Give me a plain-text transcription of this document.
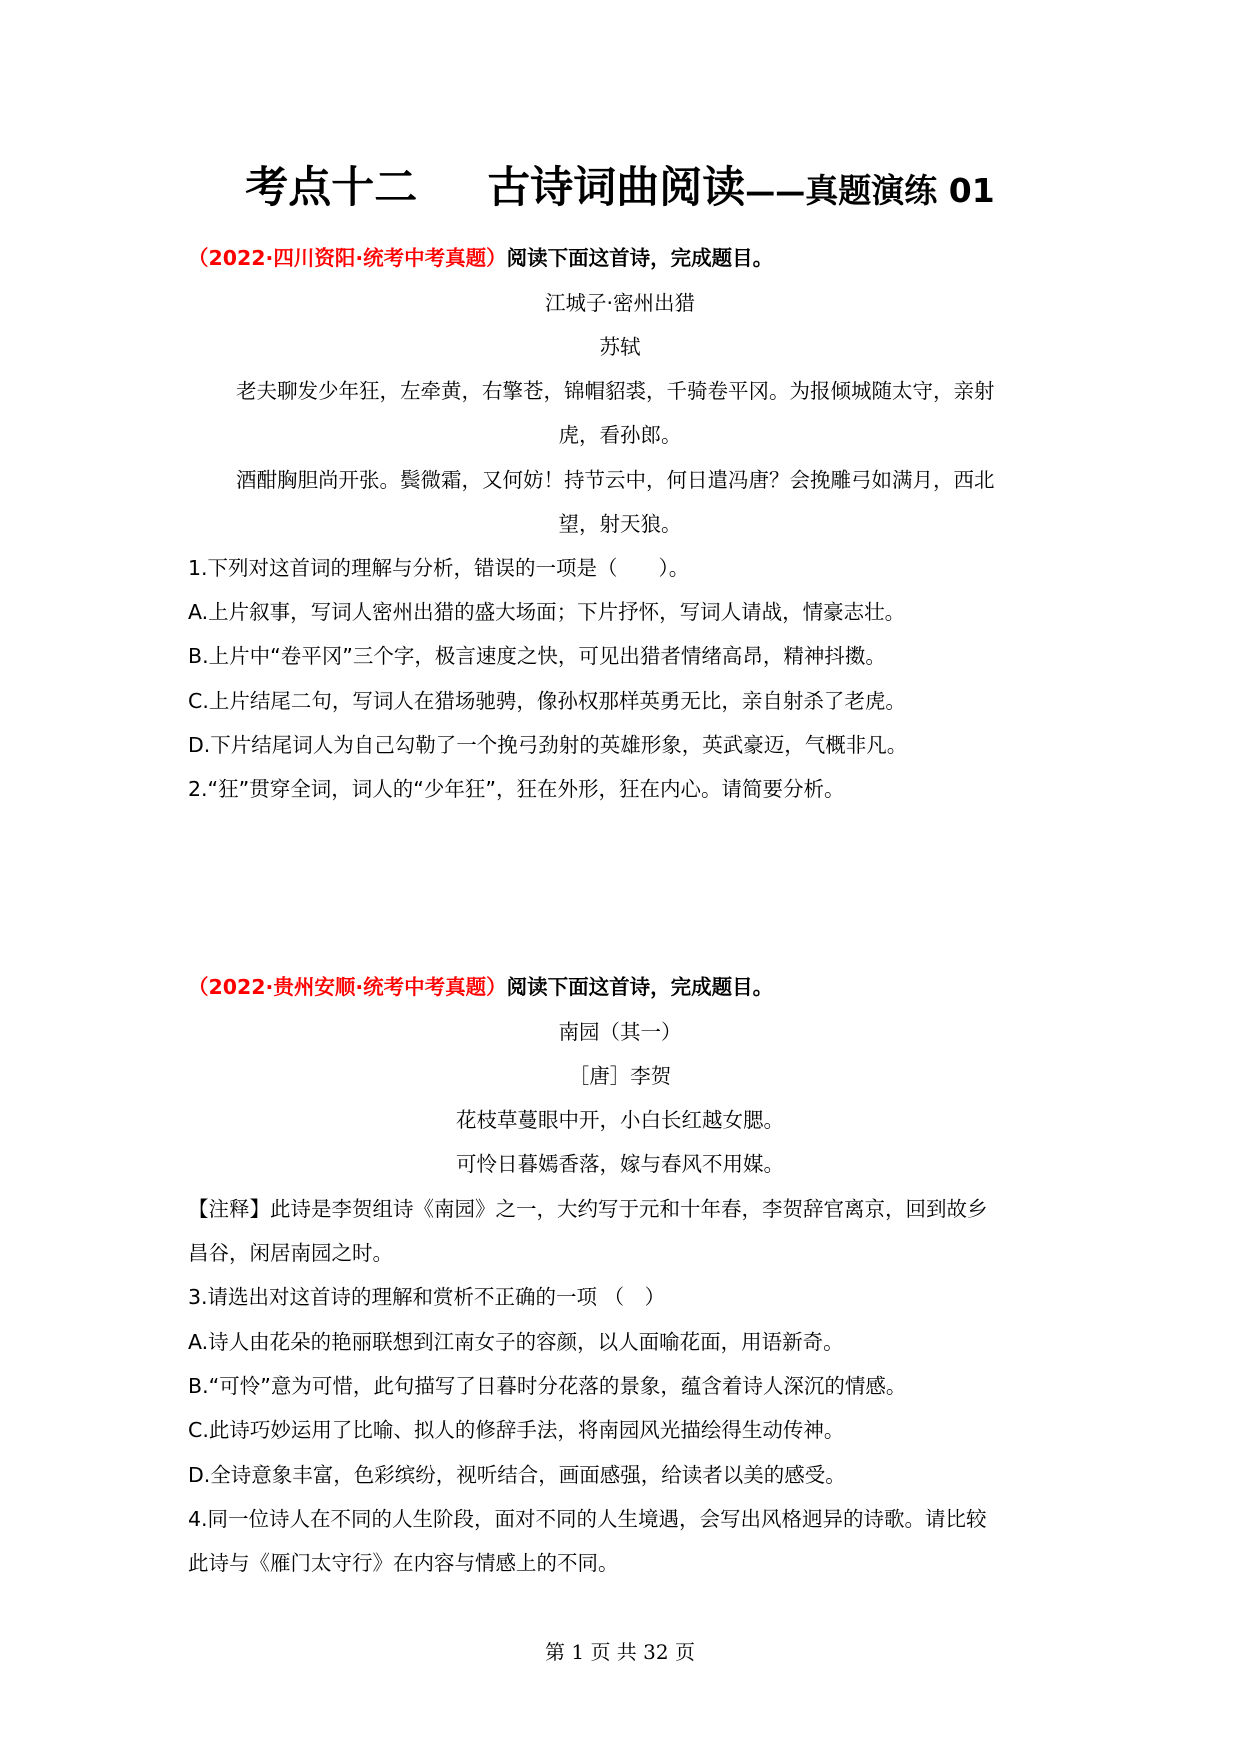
考点十二 古诗词曲阅读——真题演练 01
（2022·四川资阳·统考中考真题）阅读下面这首诗，完成题目。
江城子·密州出猎
苏轼
老夫聊发少年狂，左牵黄，右擎苍，锦帽貂裘，千骑卷平冈。为报倾城随太守，亲射
虎，看孙郎。
酒酣胸胆尚开张。鬓微霜，又何妨！持节云中，何日遣冯唐？会挽雕弓如满月，西北
望，射天狼。
1.下列对这首词的理解与分析，错误的一项是（　　）。
A.上片叙事，写词人密州出猎的盛大场面；下片抒怀，写词人请战，情豪志壮。
B.上片中“卷平冈”三个字，极言速度之快，可见出猎者情绪高昂，精神抖擞。
C.上片结尾二句，写词人在猎场驰骋，像孙权那样英勇无比，亲自射杀了老虎。
D.下片结尾词人为自己勾勒了一个挽弓劲射的英雄形象，英武豪迈，气概非凡。
2.“狂”贯穿全词，词人的“少年狂”，狂在外形，狂在内心。请简要分析。
（2022·贵州安顺·统考中考真题）阅读下面这首诗，完成题目。
南园（其一）
［唐］李贺
花枝草蔓眼中开，小白长红越女腮。
可怜日暮嫣香落，嫁与春风不用媒。
【注释】此诗是李贺组诗《南园》之一，大约写于元和十年春，李贺辞官离京，回到故乡
昌谷，闲居南园之时。
3.请选出对这首诗的理解和赏析不正确的一项 （　）
A.诗人由花朵的艳丽联想到江南女子的容颜，以人面喻花面，用语新奇。
B.“可怜”意为可惜，此句描写了日暮时分花落的景象，蕴含着诗人深沉的情感。
C.此诗巧妙运用了比喻、拟人的修辞手法，将南园风光描绘得生动传神。
D.全诗意象丰富，色彩缤纷，视听结合，画面感强，给读者以美的感受。
4.同一位诗人在不同的人生阶段，面对不同的人生境遇，会写出风格迥异的诗歌。请比较
此诗与《雁门太守行》在内容与情感上的不同。
第 1 页 共 32 页
